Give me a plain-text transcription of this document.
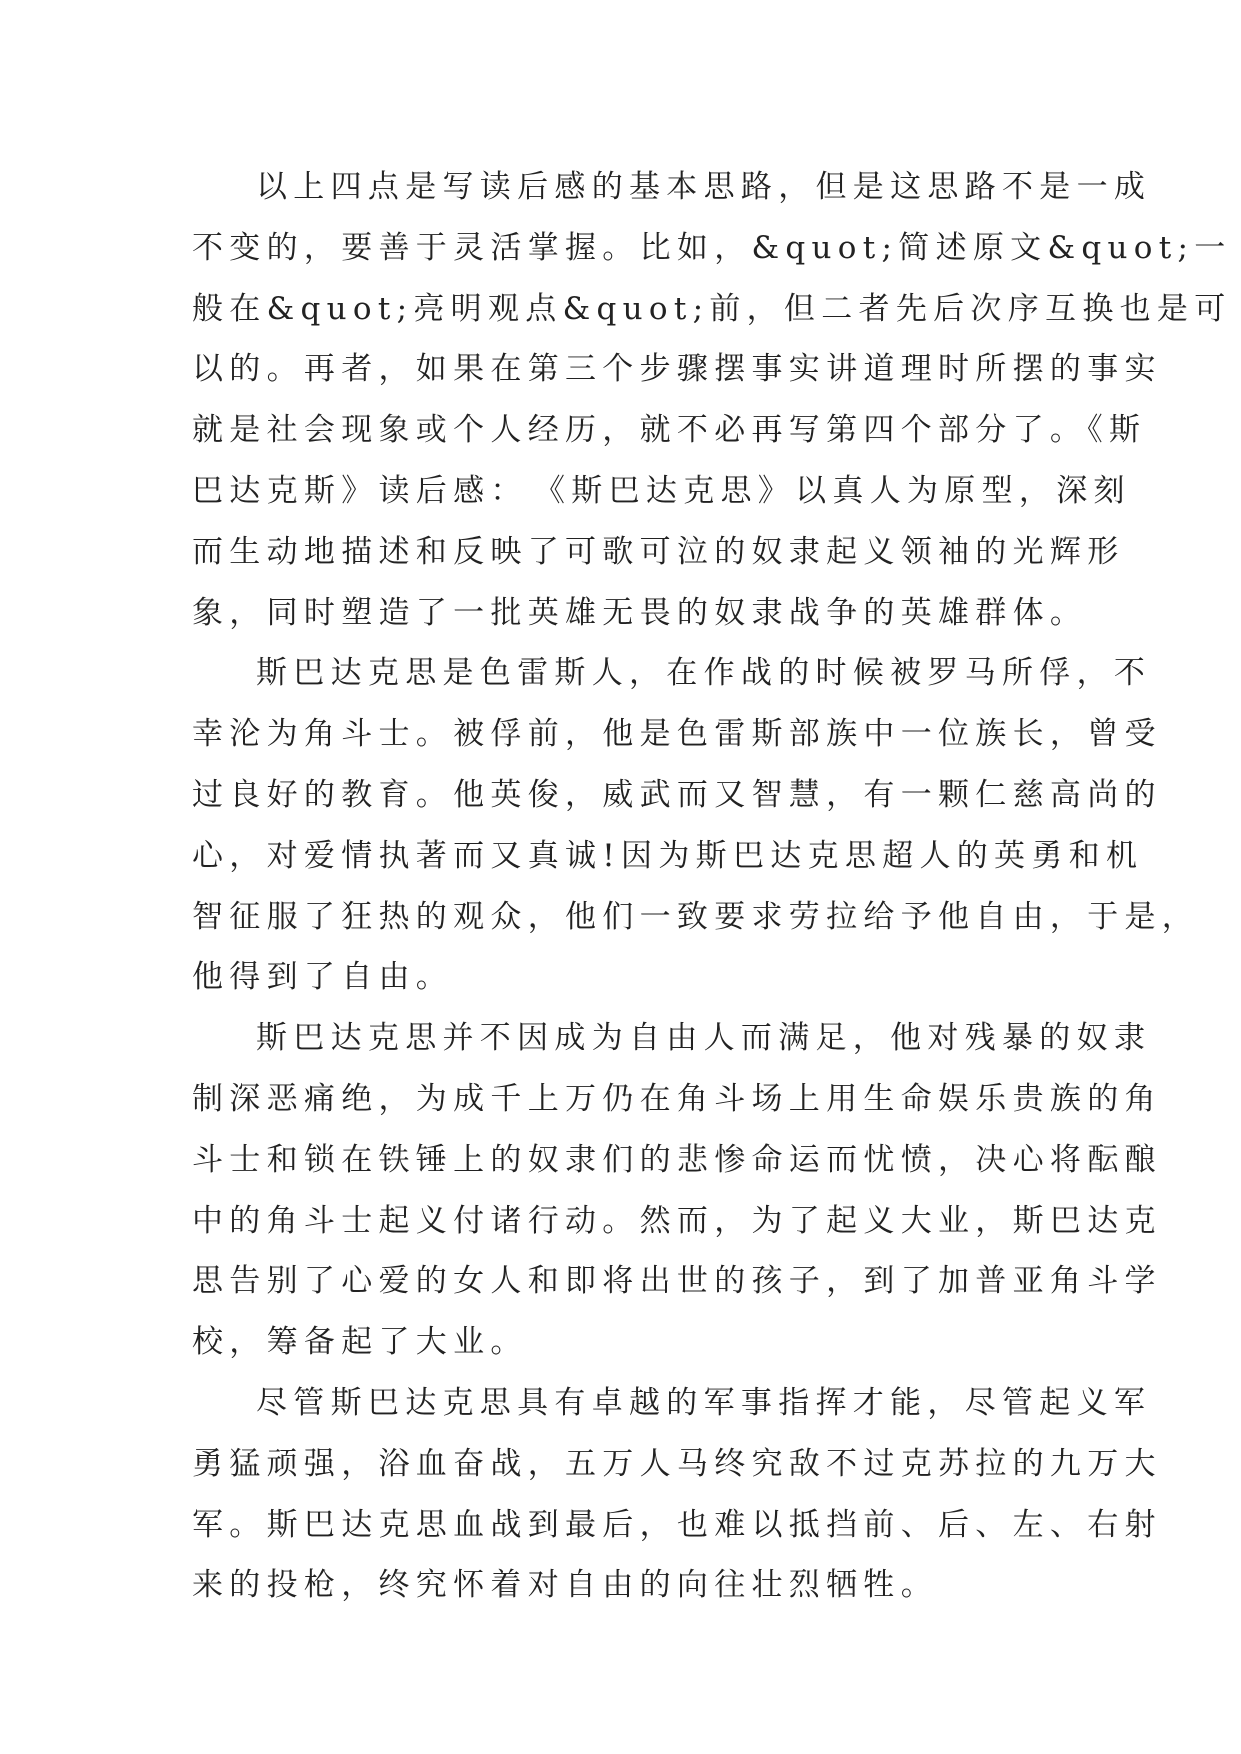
以上四点是写读后感的基本思路，但是这思路不是一成
不变的，要善于灵活掌握。比如，&quot;简述原文&quot;一
般在&quot;亮明观点&quot;前，但二者先后次序互换也是可
以的。再者，如果在第三个步骤摆事实讲道理时所摆的事实
就是社会现象或个人经历，就不必再写第四个部分了。《斯
巴达克斯》读后感：　《斯巴达克思》以真人为原型，深刻
而生动地描述和反映了可歌可泣的奴隶起义领袖的光辉形
象，同时塑造了一批英雄无畏的奴隶战争的英雄群体。
斯巴达克思是色雷斯人，在作战的时候被罗马所俘，不
幸沦为角斗士。被俘前，他是色雷斯部族中一位族长，曾受
过良好的教育。他英俊，威武而又智慧，有一颗仁慈高尚的
心，对爱情执著而又真诚!因为斯巴达克思超人的英勇和机
智征服了狂热的观众，他们一致要求劳拉给予他自由，于是，
他得到了自由。
斯巴达克思并不因成为自由人而满足，他对残暴的奴隶
制深恶痛绝，为成千上万仍在角斗场上用生命娱乐贵族的角
斗士和锁在铁锤上的奴隶们的悲惨命运而忧愤，决心将酝酿
中的角斗士起义付诸行动。然而，为了起义大业，斯巴达克
思告别了心爱的女人和即将出世的孩子，到了加普亚角斗学
校，筹备起了大业。
尽管斯巴达克思具有卓越的军事指挥才能，尽管起义军
勇猛顽强，浴血奋战，五万人马终究敌不过克苏拉的九万大
军。斯巴达克思血战到最后，也难以抵挡前、后、左、右射
来的投枪，终究怀着对自由的向往壮烈牺牲。
